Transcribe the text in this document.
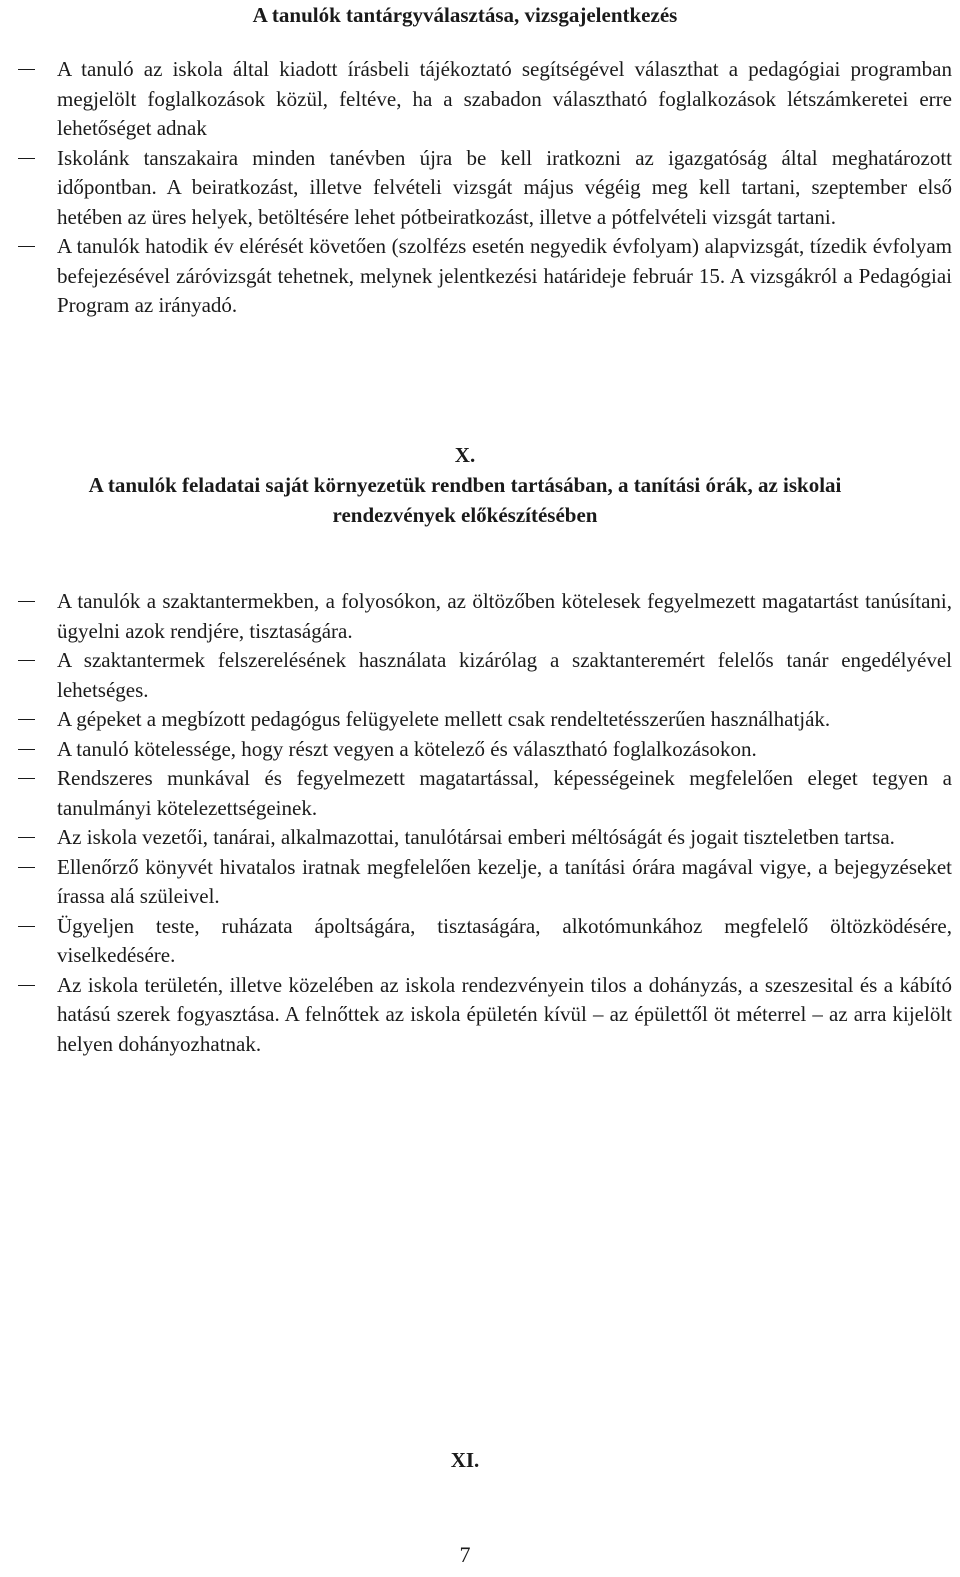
A tanulók tantárgyválasztása, vizsgajelentkezés
A tanuló az iskola által kiadott írásbeli tájékoztató segítségével választhat a pedagógiai programban megjelölt foglalkozások közül, feltéve, ha a szabadon választható foglalkozások létszámkeretei erre lehetőséget adnak
Iskolánk tanszakaira minden tanévben újra be kell iratkozni az igazgatóság által meghatározott időpontban. A beiratkozást, illetve felvételi vizsgát május végéig meg kell tartani, szeptember első hetében az üres helyek, betöltésére lehet pótbeiratkozást, illetve a pótfelvételi vizsgát tartani.
A tanulók hatodik év elérését követően (szolfézs esetén negyedik évfolyam) alapvizsgát, tízedik évfolyam befejezésével záróvizsgát tehetnek, melynek jelentkezési határideje február 15. A vizsgákról a Pedagógiai Program az irányadó.
X.
A tanulók feladatai saját környezetük rendben tartásában, a tanítási órák, az iskolai
rendezvények előkészítésében
A tanulók a szaktantermekben, a folyosókon, az öltözőben kötelesek fegyelmezett magatartást tanúsítani, ügyelni azok rendjére, tisztaságára.
A szaktantermek felszerelésének használata kizárólag a szaktanteremért felelős tanár engedélyével lehetséges.
A gépeket a megbízott pedagógus felügyelete mellett csak rendeltetésszerűen használhatják.
A tanuló kötelessége, hogy részt vegyen a kötelező és választható foglalkozásokon.
Rendszeres munkával és fegyelmezett magatartással, képességeinek megfelelően eleget tegyen a tanulmányi kötelezettségeinek.
Az iskola vezetői, tanárai, alkalmazottai, tanulótársai emberi méltóságát és jogait tiszteletben tartsa.
Ellenőrző könyvét hivatalos iratnak megfelelően kezelje, a tanítási órára magával vigye, a bejegyzéseket írassa alá szüleivel.
Ügyeljen teste, ruházata ápoltságára, tisztaságára, alkotómunkához megfelelő öltözködésére, viselkedésére.
Az iskola területén, illetve közelében az iskola rendezvényein tilos a dohányzás, a szeszesital és a kábító hatású szerek fogyasztása. A felnőttek az iskola épületén kívül – az épülettől öt méterrel – az arra kijelölt helyen dohányozhatnak.
XI.
7
